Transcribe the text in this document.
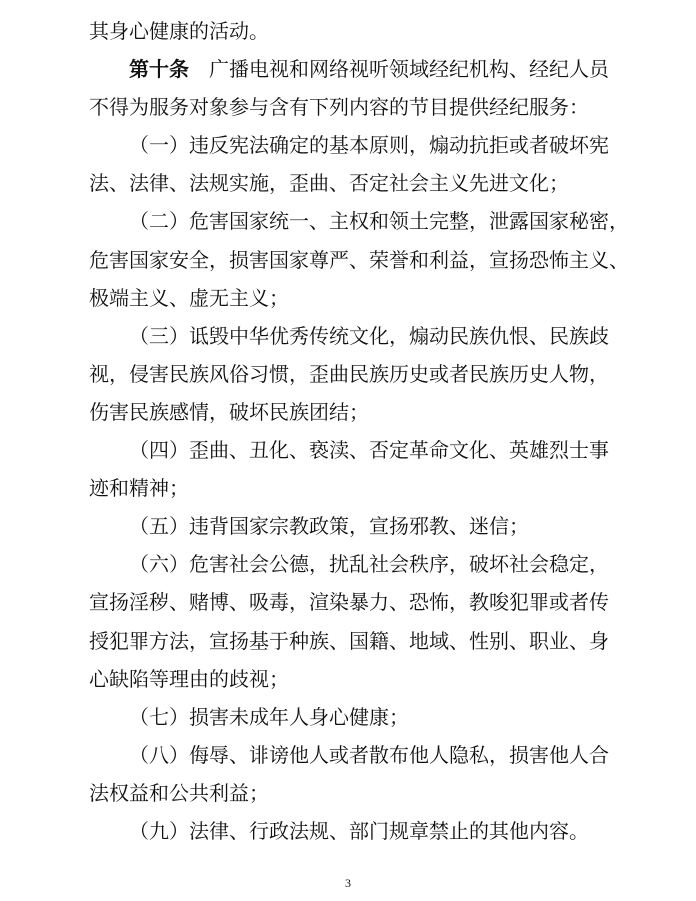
其身心健康的活动。
第十条 广播电视和网络视听领域经纪机构、经纪人员
不得为服务对象参与含有下列内容的节目提供经纪服务：
（一）违反宪法确定的基本原则，煽动抗拒或者破坏宪
法、法律、法规实施，歪曲、否定社会主义先进文化；
（二）危害国家统一、主权和领土完整，泄露国家秘密，
危害国家安全，损害国家尊严、荣誉和利益，宣扬恐怖主义、
极端主义、虚无主义；
（三）诋毁中华优秀传统文化，煽动民族仇恨、民族歧
视，侵害民族风俗习惯，歪曲民族历史或者民族历史人物，
伤害民族感情，破坏民族团结；
（四）歪曲、丑化、亵渎、否定革命文化、英雄烈士事
迹和精神；
（五）违背国家宗教政策，宣扬邪教、迷信；
（六）危害社会公德，扰乱社会秩序，破坏社会稳定，
宣扬淫秽、赌博、吸毒，渲染暴力、恐怖，教唆犯罪或者传
授犯罪方法，宣扬基于种族、国籍、地域、性别、职业、身
心缺陷等理由的歧视；
（七）损害未成年人身心健康；
（八）侮辱、诽谤他人或者散布他人隐私，损害他人合
法权益和公共利益；
（九）法律、行政法规、部门规章禁止的其他内容。
3
